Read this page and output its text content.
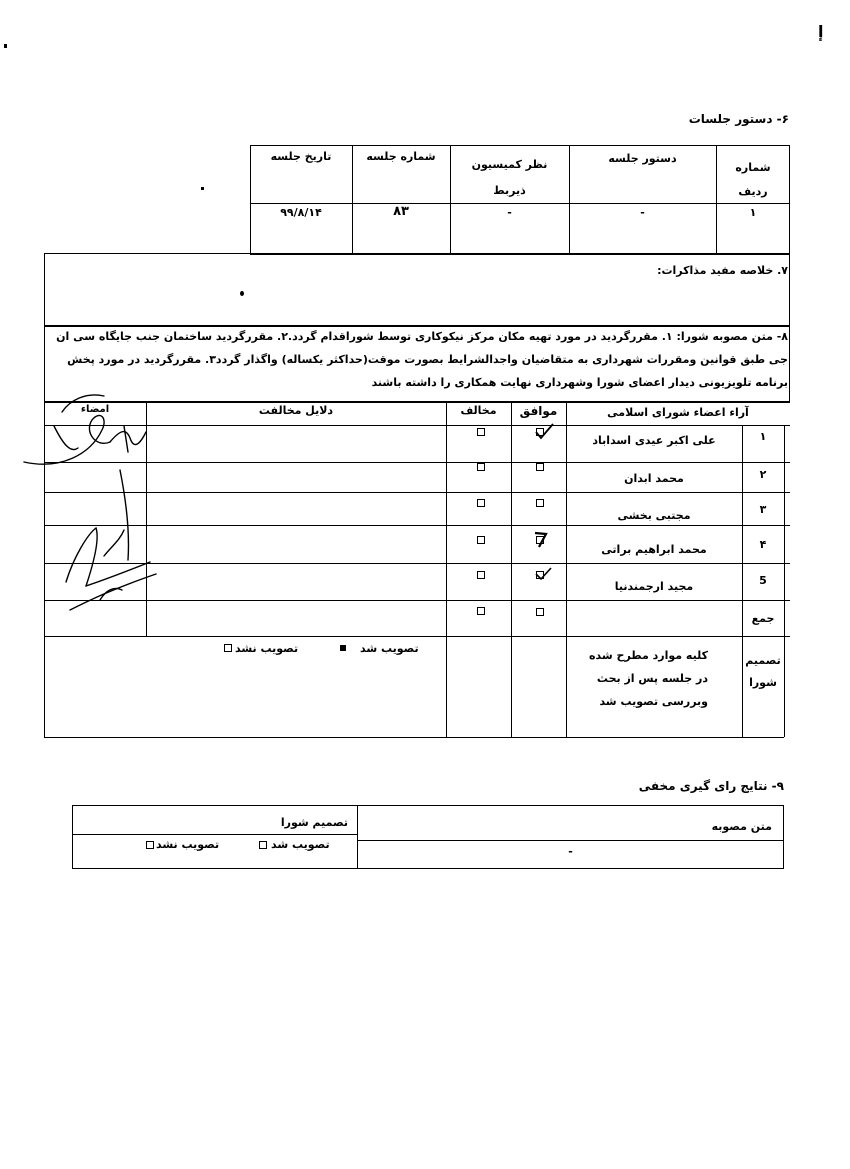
إ
۶- دستور جلسات
شماره
ردیف
دستور جلسه
نظر کمیسیون
ذیربط
شماره جلسه
تاریخ جلسه
۱
-
-
۸۳
۹۹/۸/۱۴
۷. خلاصه مفید مذاکرات:
۸- متن مصوبه شورا: ۱. مقررگردید در مورد تهیه مکان مرکز نیکوکاری توسط شوراقدام گردد.۲. مقررگردید ساختمان جنب جایگاه سی ان
جی طبق قوانین ومقررات شهرداری به متقاضیان واجدالشرایط بصورت موقت(حداکثر یکساله) واگذار گردد۳. مقررگردید در مورد پخش
برنامه تلویزیونی دیدار اعضای شورا وشهرداری نهایت همکاری را داشته باشند
آراء اعضاء شورای اسلامی
موافق
مخالف
دلایل مخالفت
امضاء
۱
علی اکبر عیدی اسداباد
۲
محمد ابدان
۳
مجتبی بخشی
۴
محمد ابراهیم براتی
5
مجید ارجمندنیا
جمع
تصمیم
شورا
کلیه موارد مطرح شده
در جلسه پس از بحث
وبررسی تصویب شد
تصویب شد
تصویب نشد
۹- نتایج رای گیری مخفی
متن مصوبه
تصمیم شورا
-
تصویب شد
تصویب نشد
